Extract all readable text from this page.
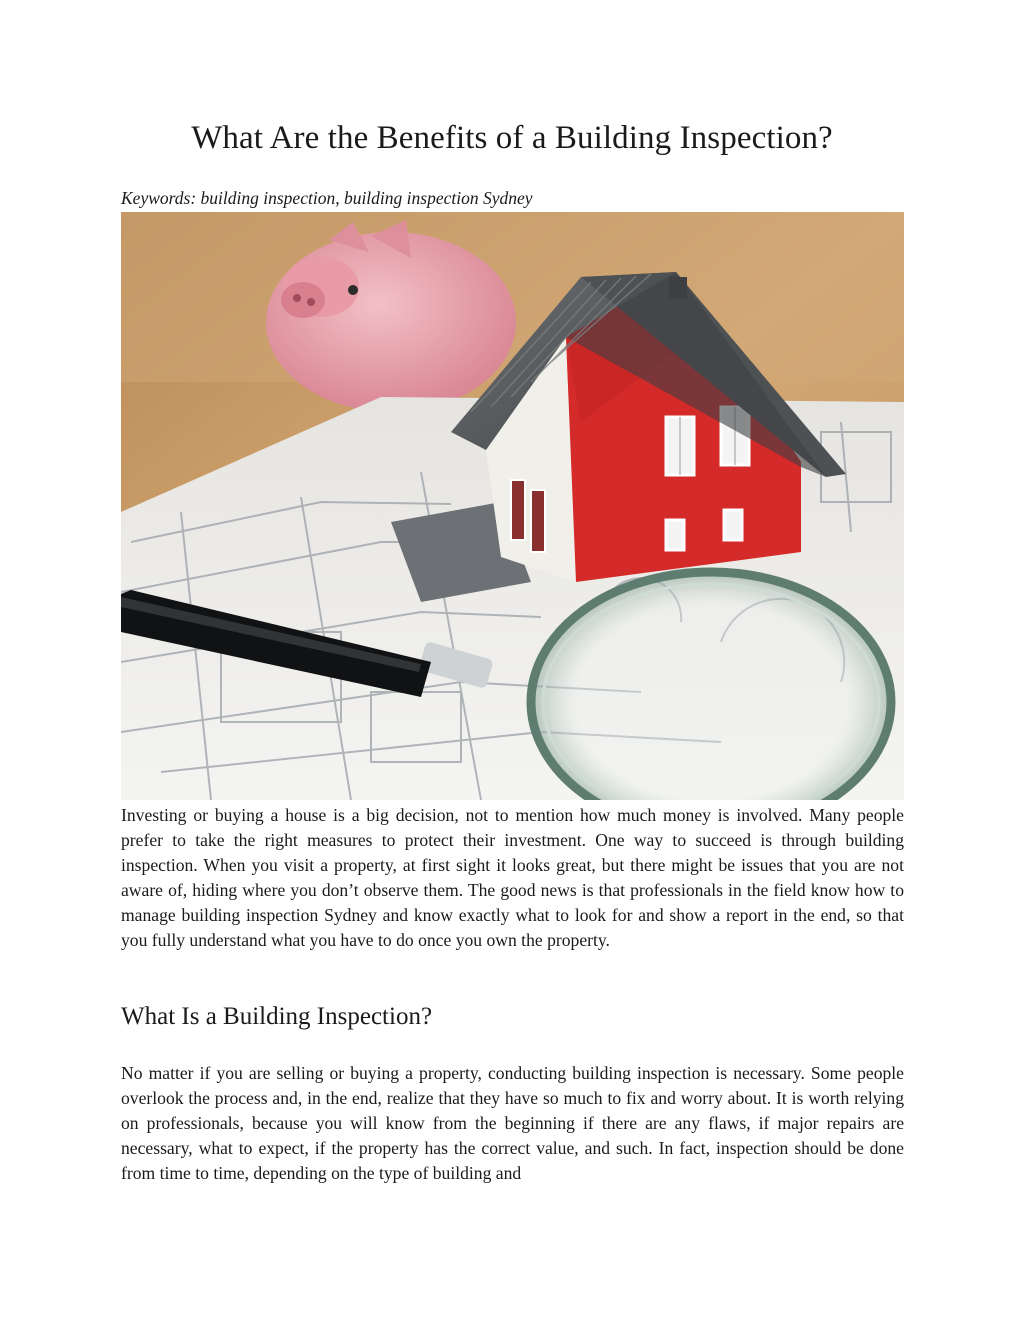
What Are the Benefits of a Building Inspection?

Keywords: building inspection, building inspection Sydney

Investing or buying a house is a big decision, not to mention how much money is involved. Many people prefer to take the right measures to protect their investment. One way to succeed is through building inspection. When you visit a property, at first sight it looks great, but there might be issues that you are not aware of, hiding where you don’t observe them. The good news is that professionals in the field know how to manage building inspection Sydney and know exactly what to look for and show a report in the end, so that you fully understand what you have to do once you own the property.

What Is a Building Inspection?

No matter if you are selling or buying a property, conducting building inspection is necessary. Some people overlook the process and, in the end, realize that they have so much to fix and worry about. It is worth relying on professionals, because you will know from the beginning if there are any flaws, if major repairs are necessary, what to expect, if the property has the correct value, and such. In fact, inspection should be done from time to time, depending on the type of building and
